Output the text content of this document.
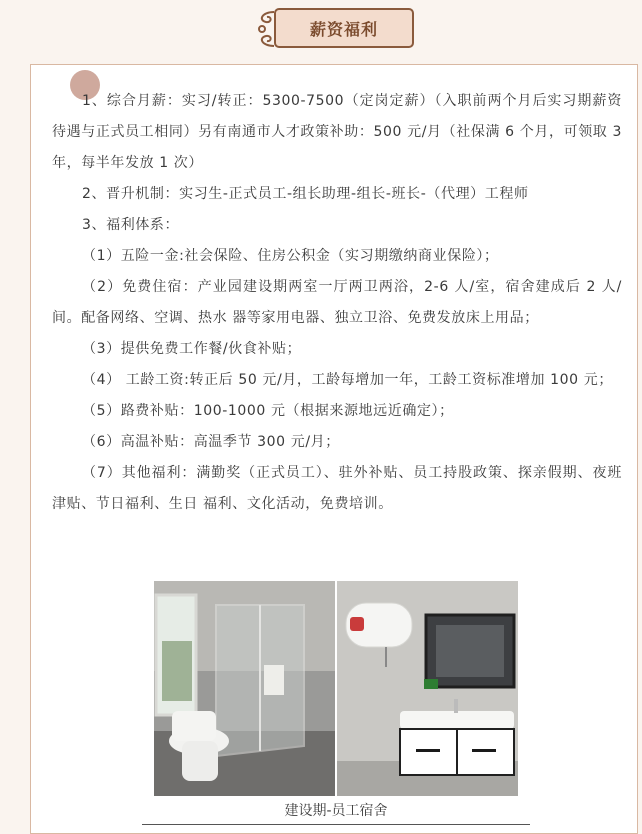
薪资福利

1、综合月薪：实习/转正：5300-7500（定岗定薪）（入职前两个月后实习期薪资待遇与正式员工相同）另有南通市人才政策补助：500 元/月（社保满 6 个月，可领取 3 年，每半年发放 1 次）

2、晋升机制：实习生-正式员工-组长助理-组长-班长-（代理）工程师

3、福利体系：

（1）五险一金:社会保险、住房公积金（实习期缴纳商业保险）；

（2）免费住宿：产业园建设期两室一厅两卫两浴，2-6 人/室，宿舍建成后 2 人/间。配备网络、空调、热水 器等家用电器、独立卫浴、免费发放床上用品；

（3）提供免费工作餐/伙食补贴；

（4） 工龄工资:转正后 50 元/月，工龄每增加一年，工龄工资标准增加 100 元；

（5）路费补贴：100-1000 元（根据来源地远近确定）；

（6）高温补贴：高温季节 300 元/月；

（7）其他福利：满勤奖（正式员工）、驻外补贴、员工持股政策、探亲假期、夜班津贴、节日福利、生日 福利、文化活动，免费培训。

建设期-员工宿舍
